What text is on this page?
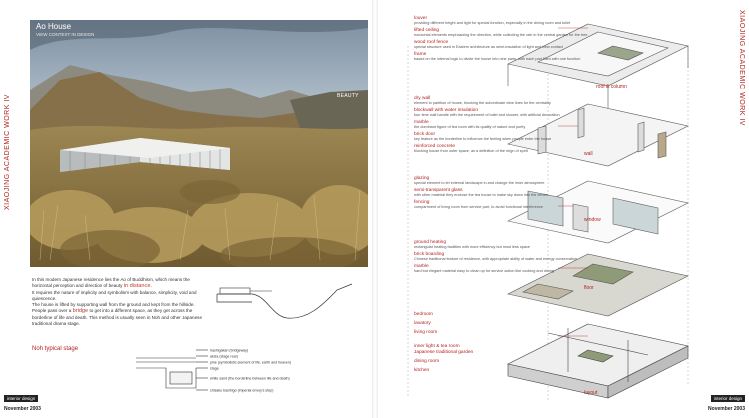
XIAOJING ACADEMIC WORK IV
Ao House
VIEW CONTEXT IN DESIGN
BEAUTY
In this modern Japanese residence lies the Ao of Buddhism, which means the horizontal perception and direction of beauty in distance.
It requires the nature of implicity and symbolism with balance, simplicity, void and quiescence.
The house is lifted by supporting wall from the ground and kept from the hillside. People pass over a bridge to get into a different space, as they get across the borderline of life and death. This method is usually seen in Noh and other Japanese traditional drama stage.
Noh typical stage	hashigakari (bridgeway)
akiza (stage rear)
pine (symbolistic element of life, earth and heaven)
stage
white sand (the borderline between life and death)
chisaku basihigo (imperial envoy's step)
interior design
November 2003
XIAOJING ACADEMIC WORK IV
louver
providing different height and light for special function, especially in the dining room and toilet
lifted ceiling
horizontal elements emphasizing the direction, while collecting the rain in the central garden for the tree
wood roof fence
special structure used in Eastern architecture as semi-insulation of light and view contact
frame
based on the internal logic to divide the house into nine parts, with each part filled with one function
dry wall
element to partition of house, blocking the subordinate view lines for the centrality
blockwall with water insulation
four time wall handle with the requirement of toilet and shower, with artificial decoration
marble
the dominant figure of tea room with its quality of nature and purity
brick door
key feature as the borderline to influence the feeling when people enter the house
reinforced concrete
blocking house from outer space, as a definition of the reign of spirit
glazing
special element to let external landscape in and change the inner atmosphere
semi-transparent glass
with other material they enclose the tea house to make sky down into the centre
fencing
compartment of living room from service part, to avoid functional interference
ground heating
rectangular heating facilities with more efficiency but most less space
brick boarding
Chinese traditional feature of residence, with appropriate ability of water and energy conservation
marble
hard but elegant material easy to clean up for service action like cooking and dining
bedroom
lavatory
living room
inner light & tea room
Japanese traditional garden
dining room
kitchen
roof & column
wall
window
floor
layout
interior design
November 2003
